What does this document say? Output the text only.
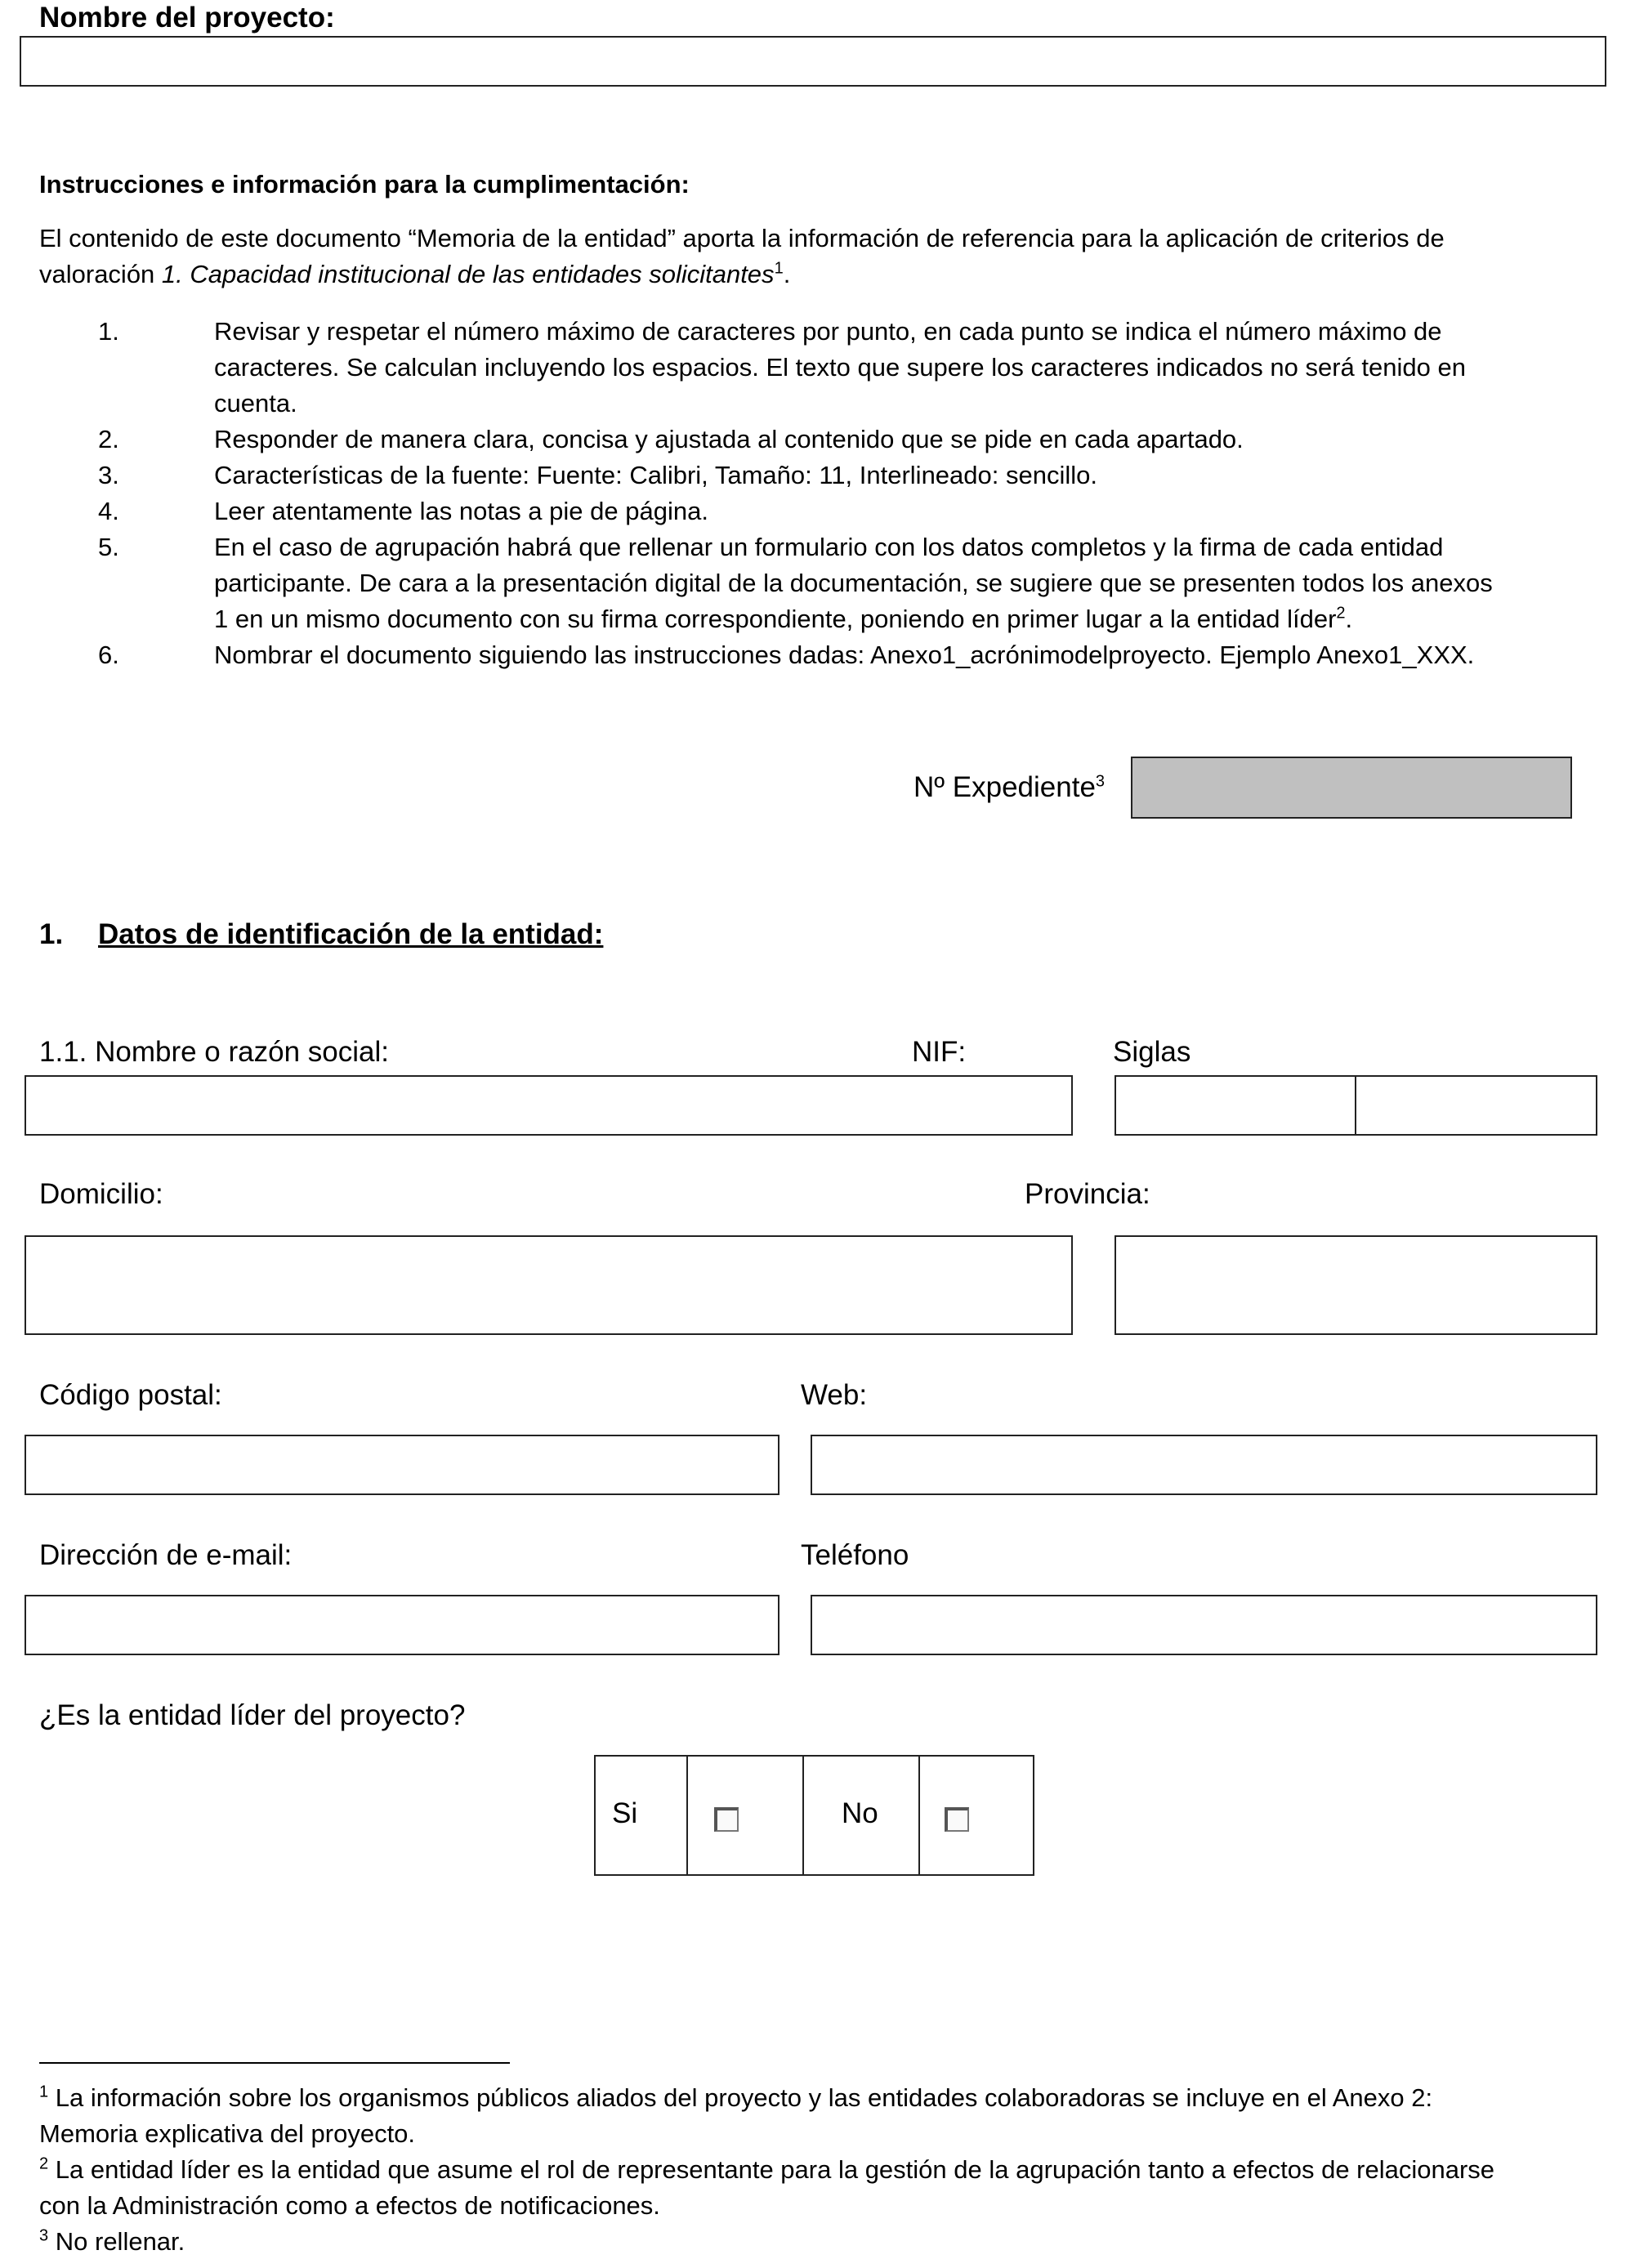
Nombre del proyecto:
Instrucciones e información para la cumplimentación:
El contenido de este documento “Memoria de la entidad” aporta la información de referencia para la aplicación de criterios de
valoración 1. Capacidad institucional de las entidades solicitantes$^1$.
1.	Revisar y respetar el número máximo de caracteres por punto, en cada punto se indica el número máximo de
caracteres. Se calculan incluyendo los espacios. El texto que supere los caracteres indicados no será tenido en
cuenta.
2.	Responder de manera clara, concisa y ajustada al contenido que se pide en cada apartado.
3.	Características de la fuente: Fuente: Calibri, Tamaño: 11, Interlineado: sencillo.
4.	Leer atentamente las notas a pie de página.
5.	En el caso de agrupación habrá que rellenar un formulario con los datos completos y la firma de cada entidad
participante. De cara a la presentación digital de la documentación, se sugiere que se presenten todos los anexos
1 en un mismo documento con su firma correspondiente, poniendo en primer lugar a la entidad líder$^2$.
6.	Nombrar el documento siguiendo las instrucciones dadas: Anexo1_acrónimodelproyecto. Ejemplo Anexo1_XXX.
Nº Expediente$^3$
1. Datos de identificación de la entidad:
1.1. Nombre o razón social:	NIF:	Siglas
Domicilio:	Provincia:
Código postal:	Web:
Dirección de e-mail:	Teléfono
¿Es la entidad líder del proyecto?
Si	No
$^1$ La información sobre los organismos públicos aliados del proyecto y las entidades colaboradoras se incluye en el Anexo 2:
Memoria explicativa del proyecto.
$^2$ La entidad líder es la entidad que asume el rol de representante para la gestión de la agrupación tanto a efectos de relacionarse
con la Administración como a efectos de notificaciones.
$^3$ No rellenar.
